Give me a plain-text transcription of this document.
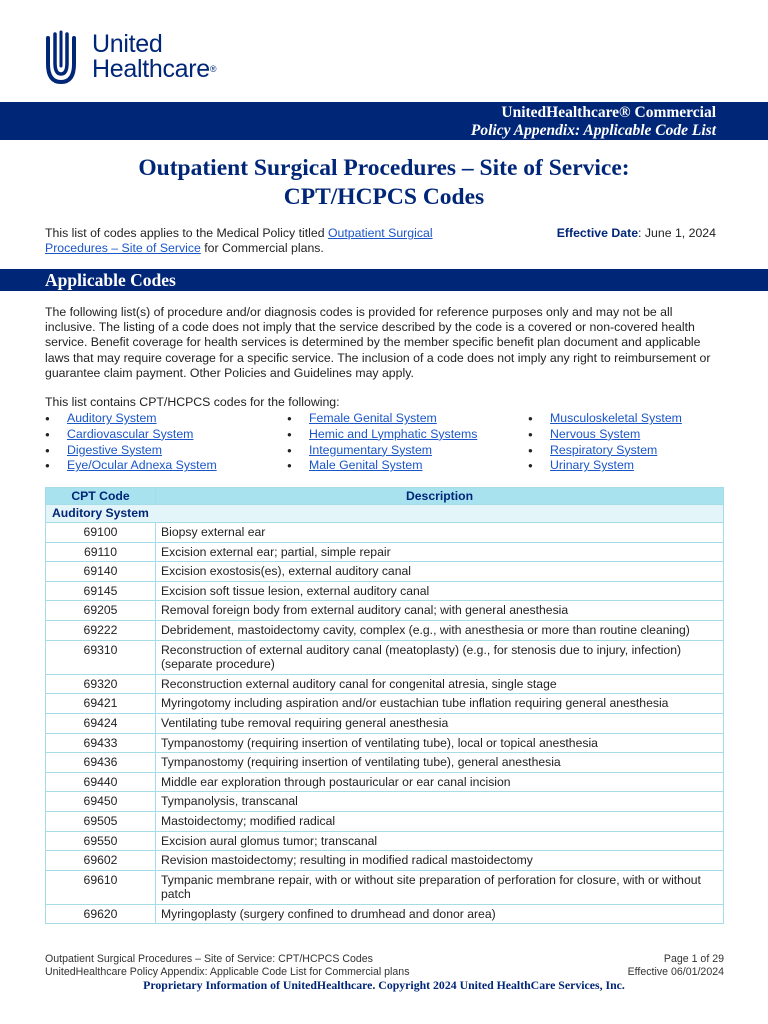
United
Healthcare®
UnitedHealthcare® Commercial
Policy Appendix: Applicable Code List
Outpatient Surgical Procedures – Site of Service:
CPT/HCPCS Codes
This list of codes applies to the Medical Policy titled Outpatient Surgical Procedures – Site of Service for Commercial plans.
Effective Date: June 1, 2024
Applicable Codes
The following list(s) of procedure and/or diagnosis codes is provided for reference purposes only and may not be all inclusive. The listing of a code does not imply that the service described by the code is a covered or non-covered health service. Benefit coverage for health services is determined by the member specific benefit plan document and applicable laws that may require coverage for a specific service. The inclusion of a code does not imply any right to reimbursement or guarantee claim payment. Other Policies and Guidelines may apply.
This list contains CPT/HCPCS codes for the following:
● Auditory System
● Cardiovascular System
● Digestive System
● Eye/Ocular Adnexa System
● Female Genital System
● Hemic and Lymphatic Systems
● Integumentary System
● Male Genital System
● Musculoskeletal System
● Nervous System
● Respiratory System
● Urinary System
CPT Code	Description
Auditory System	
69100	Biopsy external ear
69110	Excision external ear; partial, simple repair
69140	Excision exostosis(es), external auditory canal
69145	Excision soft tissue lesion, external auditory canal
69205	Removal foreign body from external auditory canal; with general anesthesia
69222	Debridement, mastoidectomy cavity, complex (e.g., with anesthesia or more than routine cleaning)
69310	Reconstruction of external auditory canal (meatoplasty) (e.g., for stenosis due to injury, infection) (separate procedure)
69320	Reconstruction external auditory canal for congenital atresia, single stage
69421	Myringotomy including aspiration and/or eustachian tube inflation requiring general anesthesia
69424	Ventilating tube removal requiring general anesthesia
69433	Tympanostomy (requiring insertion of ventilating tube), local or topical anesthesia
69436	Tympanostomy (requiring insertion of ventilating tube), general anesthesia
69440	Middle ear exploration through postauricular or ear canal incision
69450	Tympanolysis, transcanal
69505	Mastoidectomy; modified radical
69550	Excision aural glomus tumor; transcanal
69602	Revision mastoidectomy; resulting in modified radical mastoidectomy
69610	Tympanic membrane repair, with or without site preparation of perforation for closure, with or without patch
69620	Myringoplasty (surgery confined to drumhead and donor area)
Outpatient Surgical Procedures – Site of Service: CPT/HCPCS Codes
UnitedHealthcare Policy Appendix: Applicable Code List for Commercial plans
Page 1 of 29
Effective 06/01/2024
Proprietary Information of UnitedHealthcare. Copyright 2024 United HealthCare Services, Inc.
